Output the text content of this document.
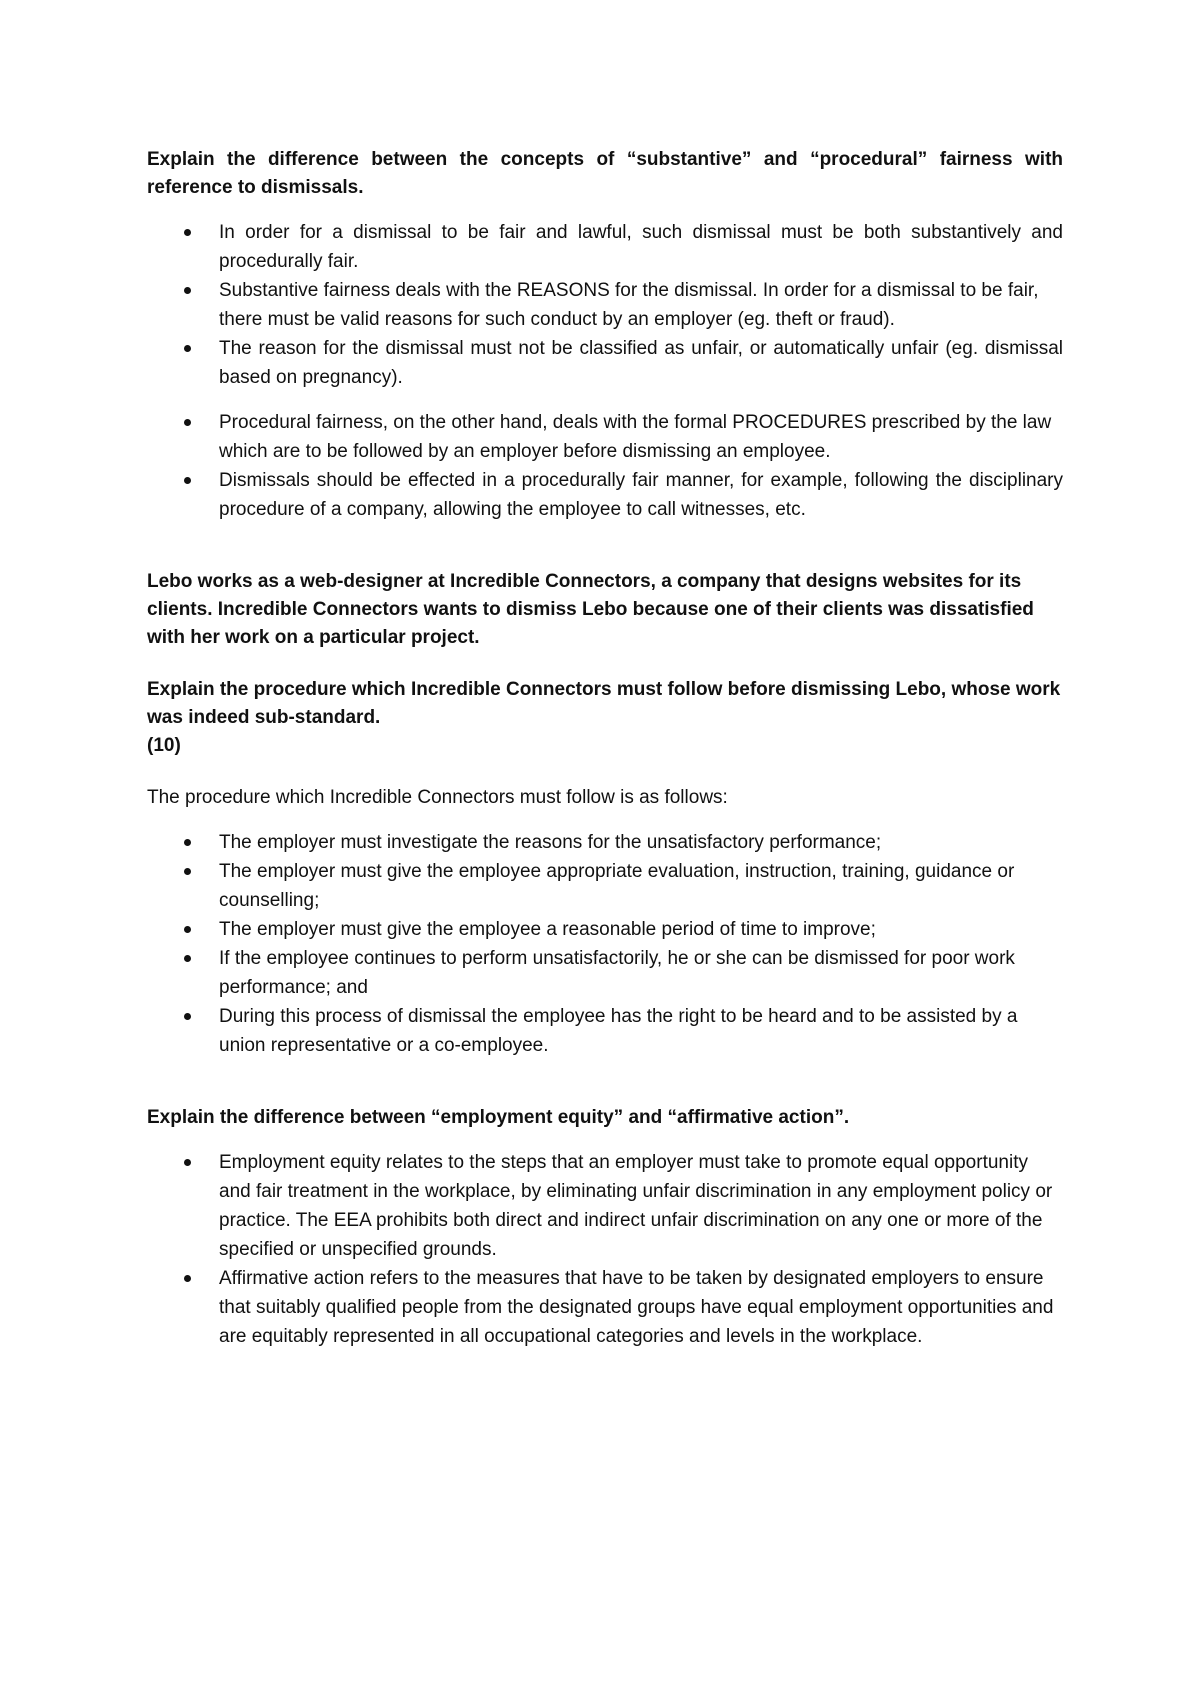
Explain the difference between the concepts of “substantive” and “procedural” fairness with reference to dismissals.

In order for a dismissal to be fair and lawful, such dismissal must be both substantively and procedurally fair.
Substantive fairness deals with the REASONS for the dismissal. In order for a dismissal to be fair, there must be valid reasons for such conduct by an employer (eg. theft or fraud).
The reason for the dismissal must not be classified as unfair, or automatically unfair (eg. dismissal based on pregnancy).
Procedural fairness, on the other hand, deals with the formal PROCEDURES prescribed by the law which are to be followed by an employer before dismissing an employee.
Dismissals should be effected in a procedurally fair manner, for example, following the disciplinary procedure of a company, allowing the employee to call witnesses, etc.

Lebo works as a web-designer at Incredible Connectors, a company that designs websites for its clients. Incredible Connectors wants to dismiss Lebo because one of their clients was dissatisfied with her work on a particular project.

Explain the procedure which Incredible Connectors must follow before dismissing Lebo, whose work was indeed sub-standard.

(10)

The procedure which Incredible Connectors must follow is as follows:

The employer must investigate the reasons for the unsatisfactory performance;
The employer must give the employee appropriate evaluation, instruction, training, guidance or counselling;
The employer must give the employee a reasonable period of time to improve;
If the employee continues to perform unsatisfactorily, he or she can be dismissed for poor work performance; and
During this process of dismissal the employee has the right to be heard and to be assisted by a union representative or a co-employee.

Explain the difference between “employment equity” and “affirmative action”.

Employment equity relates to the steps that an employer must take to promote equal opportunity and fair treatment in the workplace, by eliminating unfair discrimination in any employment policy or practice. The EEA prohibits both direct and indirect unfair discrimination on any one or more of the specified or unspecified grounds.
Affirmative action refers to the measures that have to be taken by designated employers to ensure that suitably qualified people from the designated groups have equal employment opportunities and are equitably represented in all occupational categories and levels in the workplace.
